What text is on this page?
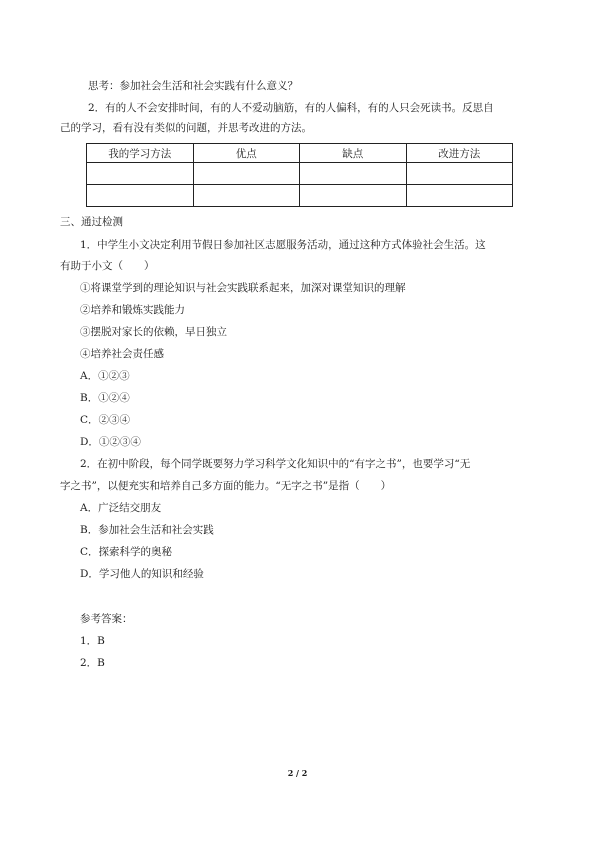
思考：参加社会生活和社会实践有什么意义？
2．有的人不会安排时间，有的人不爱动脑筋，有的人偏科，有的人只会死读书。反思自
己的学习，看有没有类似的问题，并思考改进的方法。
我的学习方法	优点	缺点	改进方法

三、通过检测
1．中学生小文决定利用节假日参加社区志愿服务活动，通过这种方式体验社会生活。这
有助于小文（　　）
①将课堂学到的理论知识与社会实践联系起来，加深对课堂知识的理解
②培养和锻炼实践能力
③摆脱对家长的依赖，早日独立
④培养社会责任感
A．①②③
B．①②④
C．②③④
D．①②③④
2．在初中阶段，每个同学既要努力学习科学文化知识中的“有字之书”，也要学习“无
字之书”，以便充实和培养自己多方面的能力。“无字之书”是指（　　）
A．广泛结交朋友
B．参加社会生活和社会实践
C．探索科学的奥秘
D．学习他人的知识和经验
参考答案：
1．B
2．B
2 / 2
